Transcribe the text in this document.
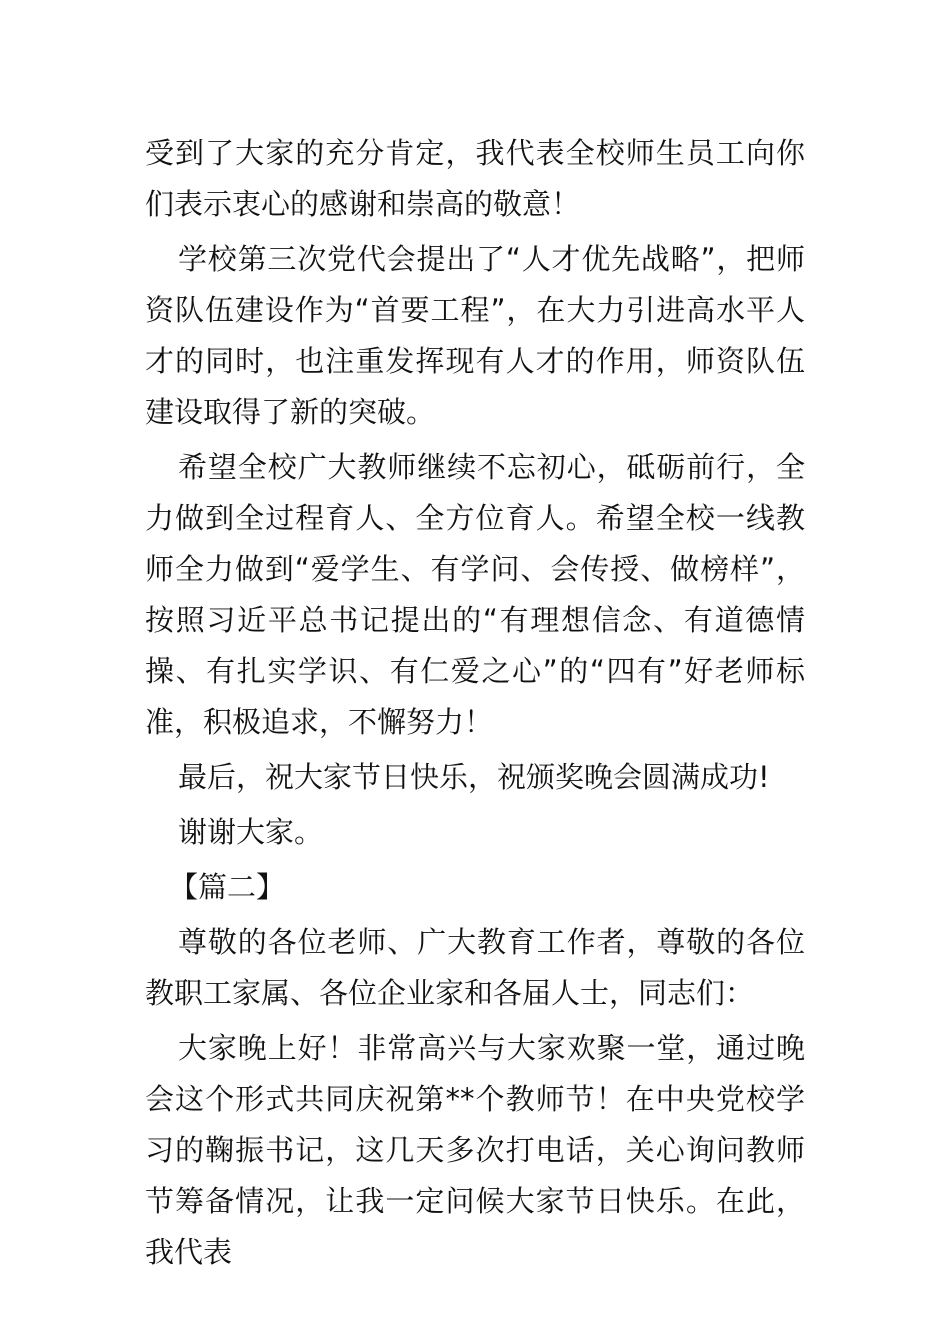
受到了大家的充分肯定，我代表全校师生员工向你们表示衷心的感谢和崇高的敬意！

学校第三次党代会提出了“人才优先战略”，把师资队伍建设作为“首要工程”，在大力引进高水平人才的同时，也注重发挥现有人才的作用，师资队伍建设取得了新的突破。

希望全校广大教师继续不忘初心，砥砺前行，全力做到全过程育人、全方位育人。希望全校一线教师全力做到“爱学生、有学问、会传授、做榜样”，按照习近平总书记提出的“有理想信念、有道德情操、有扎实学识、有仁爱之心”的“四有”好老师标准，积极追求，不懈努力！

最后，祝大家节日快乐，祝颁奖晚会圆满成功!

谢谢大家。

【篇二】

尊敬的各位老师、广大教育工作者，尊敬的各位教职工家属、各位企业家和各届人士，同志们：

大家晚上好！非常高兴与大家欢聚一堂，通过晚会这个形式共同庆祝第**个教师节！在中央党校学习的鞠振书记，这几天多次打电话，关心询问教师节筹备情况，让我一定问候大家节日快乐。在此，我代表
